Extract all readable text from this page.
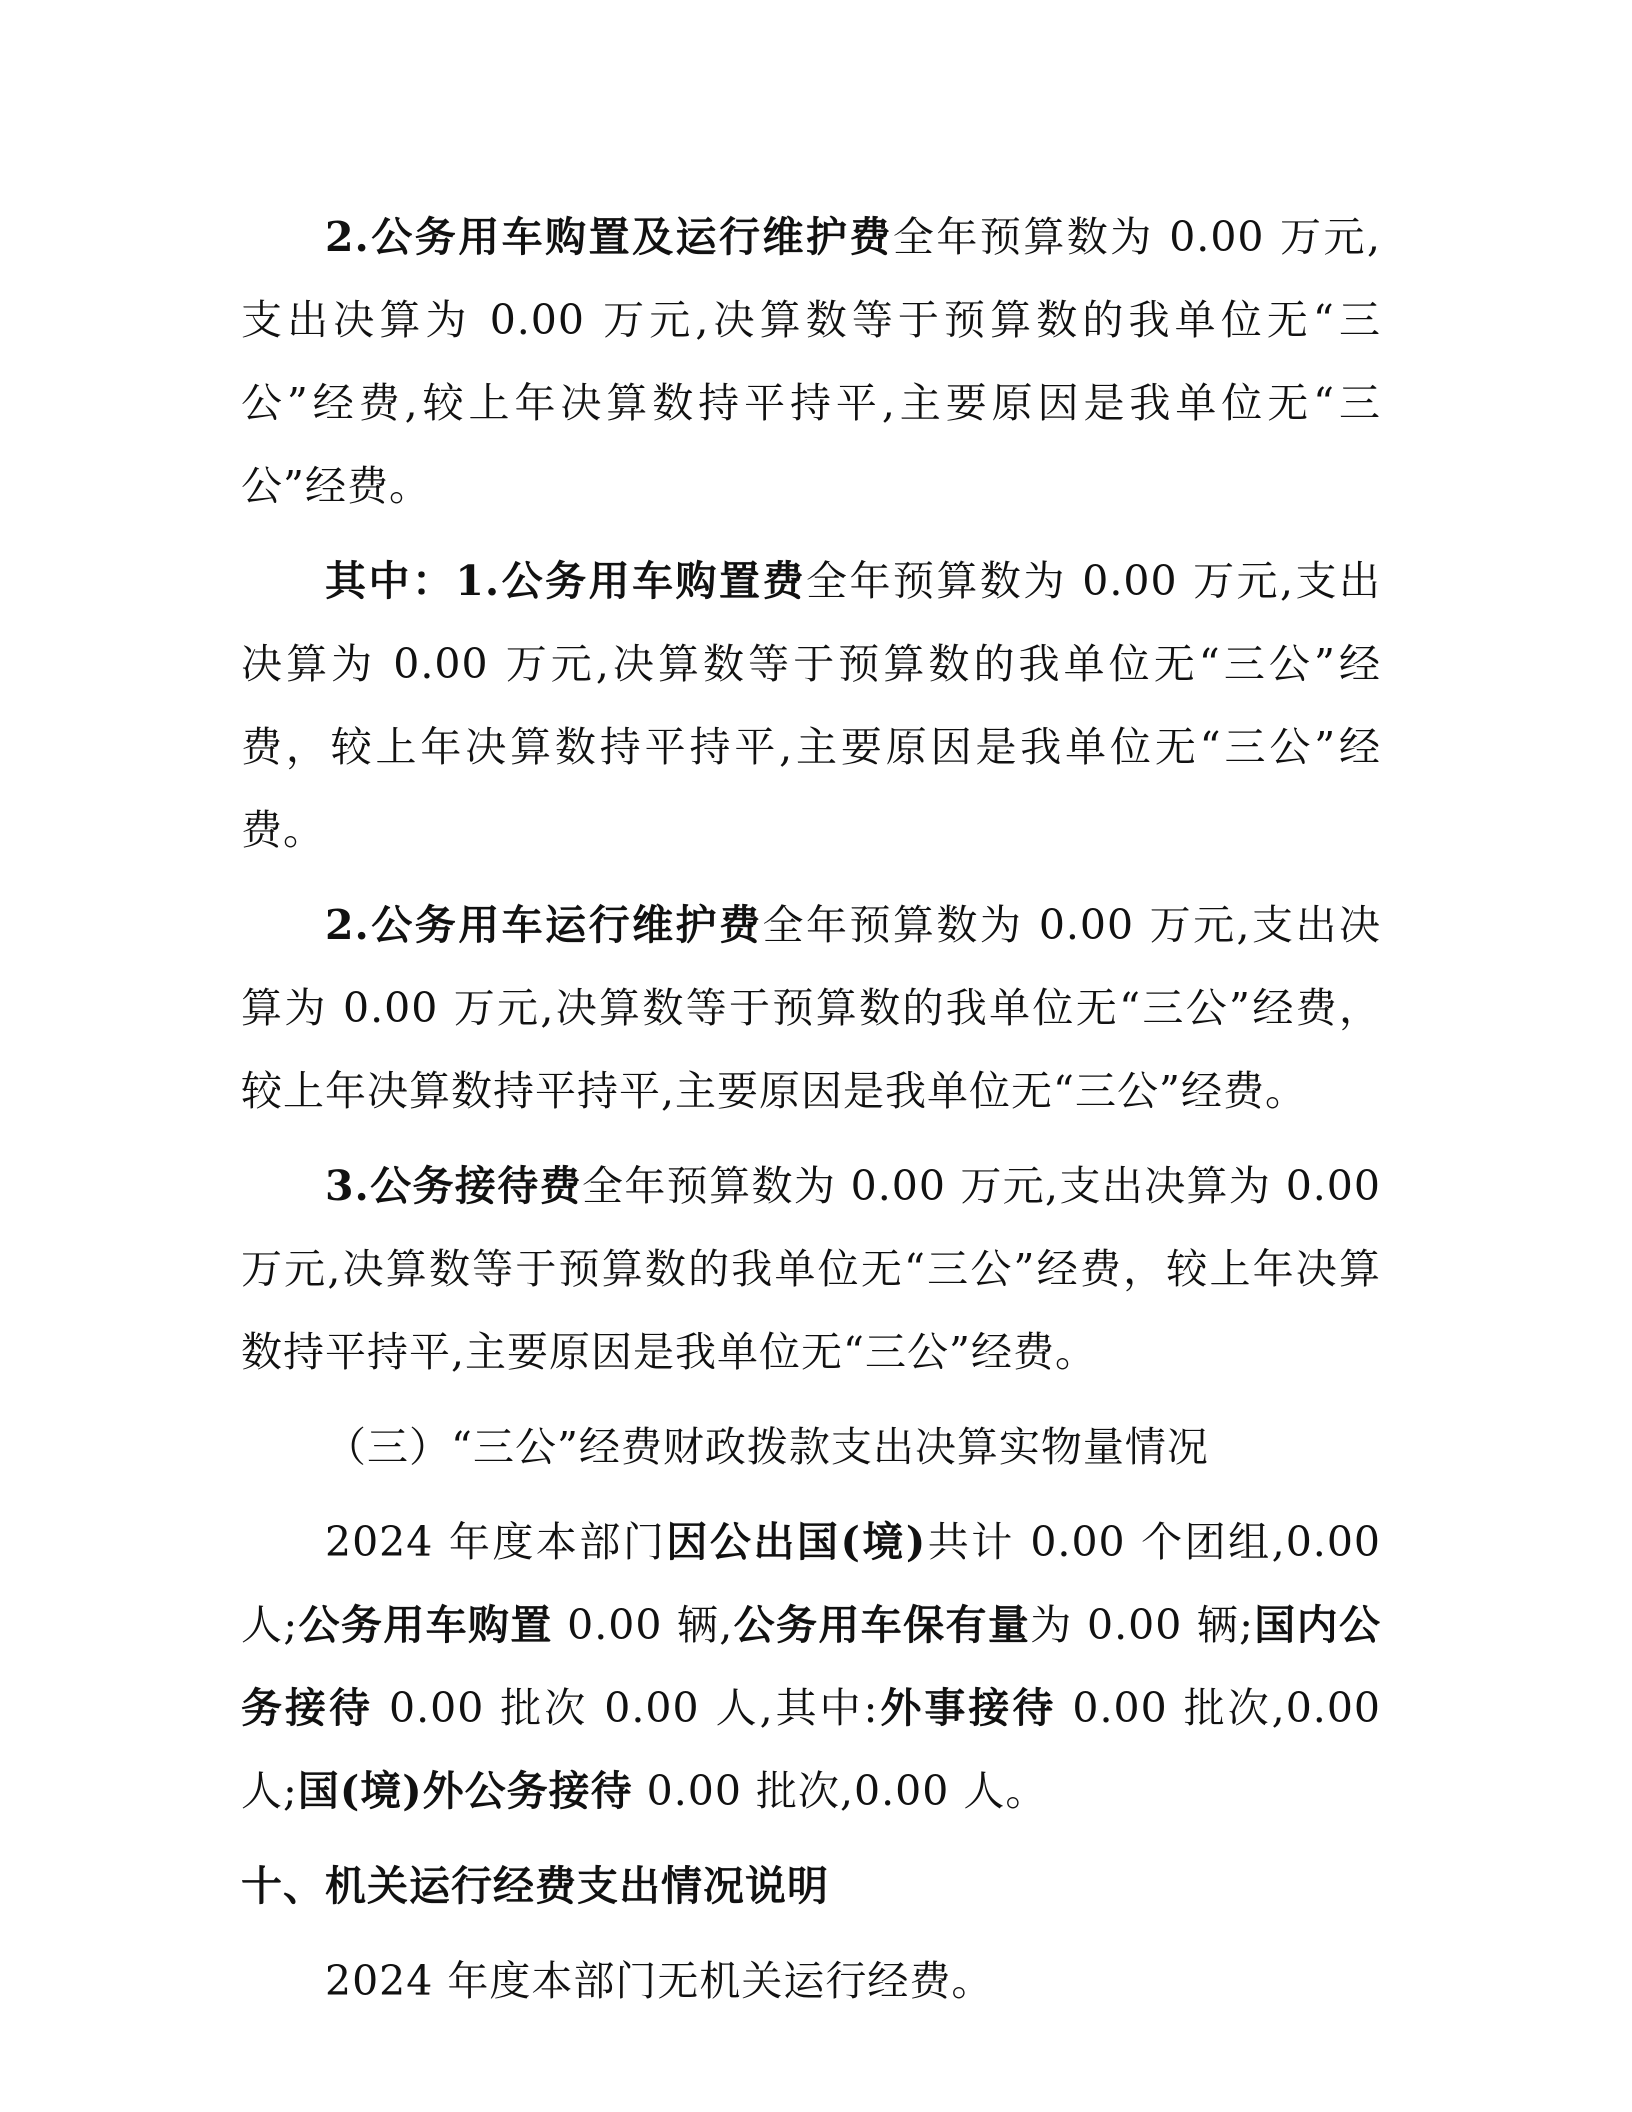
2.公务用车购置及运行维护费全年预算数为 0.00 万元,支出决算为 0.00 万元,决算数等于预算数的我单位无“三公”经费,较上年决算数持平持平,主要原因是我单位无“三公”经费。

其中：1.公务用车购置费全年预算数为 0.00 万元,支出决算为 0.00 万元,决算数等于预算数的我单位无“三公”经费，较上年决算数持平持平,主要原因是我单位无“三公”经费。

2.公务用车运行维护费全年预算数为 0.00 万元,支出决算为 0.00 万元,决算数等于预算数的我单位无“三公”经费，较上年决算数持平持平,主要原因是我单位无“三公”经费。

3.公务接待费全年预算数为 0.00 万元,支出决算为 0.00 万元,决算数等于预算数的我单位无“三公”经费，较上年决算数持平持平,主要原因是我单位无“三公”经费。

（三）“三公”经费财政拨款支出决算实物量情况

2024 年度本部门因公出国(境)共计 0.00 个团组,0.00 人;公务用车购置 0.00 辆,公务用车保有量为 0.00 辆;国内公务接待 0.00 批次 0.00 人,其中:外事接待 0.00 批次,0.00 人;国(境)外公务接待 0.00 批次,0.00 人。

十、机关运行经费支出情况说明

2024 年度本部门无机关运行经费。
